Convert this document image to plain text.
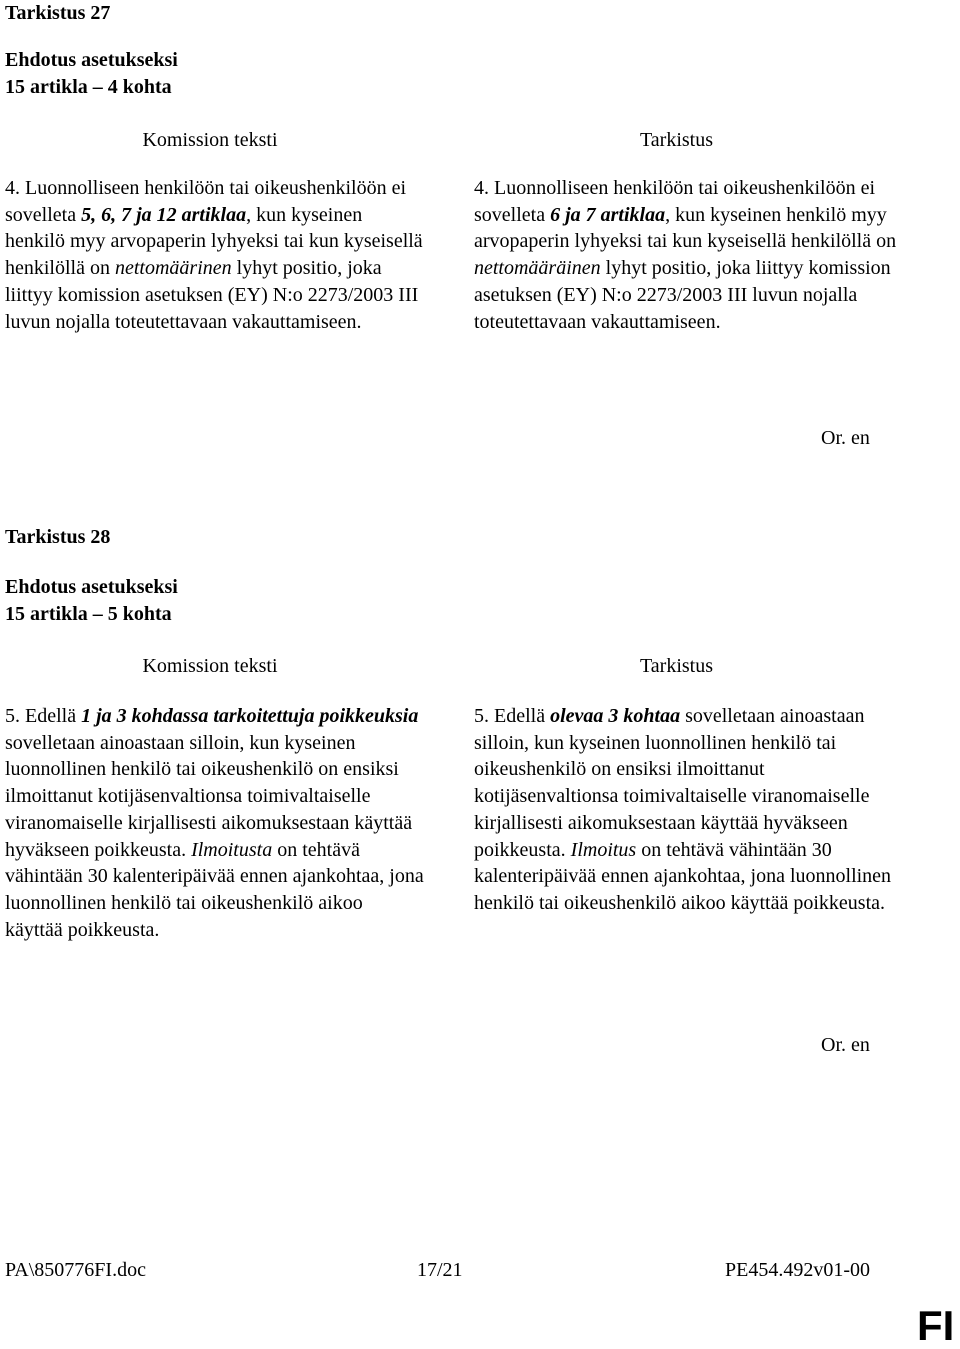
Tarkistus 27
Ehdotus asetukseksi
15 artikla – 4 kohta
Komission teksti	Tarkistus

4. Luonnolliseen henkilöön tai oikeushenkilöön ei sovelleta 5, 6, 7 ja 12 artiklaa, kun kyseinen henkilö myy arvopaperin lyhyeksi tai kun kyseisellä henkilöllä on nettomäärinen lyhyt positio, joka liittyy komission asetuksen (EY) N:o 2273/2003 III luvun nojalla toteutettavaan vakauttamiseen.

4. Luonnolliseen henkilöön tai oikeushenkilöön ei sovelleta 6 ja 7 artiklaa, kun kyseinen henkilö myy arvopaperin lyhyeksi tai kun kyseisellä henkilöllä on nettomääräinen lyhyt positio, joka liittyy komission asetuksen (EY) N:o 2273/2003 III luvun nojalla toteutettavaan vakauttamiseen.

Or. en
Tarkistus 28
Ehdotus asetukseksi
15 artikla – 5 kohta
Komission teksti	Tarkistus

5. Edellä 1 ja 3 kohdassa tarkoitettuja poikkeuksia sovelletaan ainoastaan silloin, kun kyseinen luonnollinen henkilö tai oikeushenkilö on ensiksi ilmoittanut kotijäsenvaltionsa toimivaltaiselle viranomaiselle kirjallisesti aikomuksestaan käyttää hyväkseen poikkeusta. Ilmoitusta on tehtävä vähintään 30 kalenteripäivää ennen ajankohtaa, jona luonnollinen henkilö tai oikeushenkilö aikoo käyttää poikkeusta.

5. Edellä olevaa 3 kohtaa sovelletaan ainoastaan silloin, kun kyseinen luonnollinen henkilö tai oikeushenkilö on ensiksi ilmoittanut kotijäsenvaltionsa toimivaltaiselle viranomaiselle kirjallisesti aikomuksestaan käyttää hyväkseen poikkeusta. Ilmoitus on tehtävä vähintään 30 kalenteripäivää ennen ajankohtaa, jona luonnollinen henkilö tai oikeushenkilö aikoo käyttää poikkeusta.

Or. en
PA\850776FI.doc	17/21	PE454.492v01-00
FI
